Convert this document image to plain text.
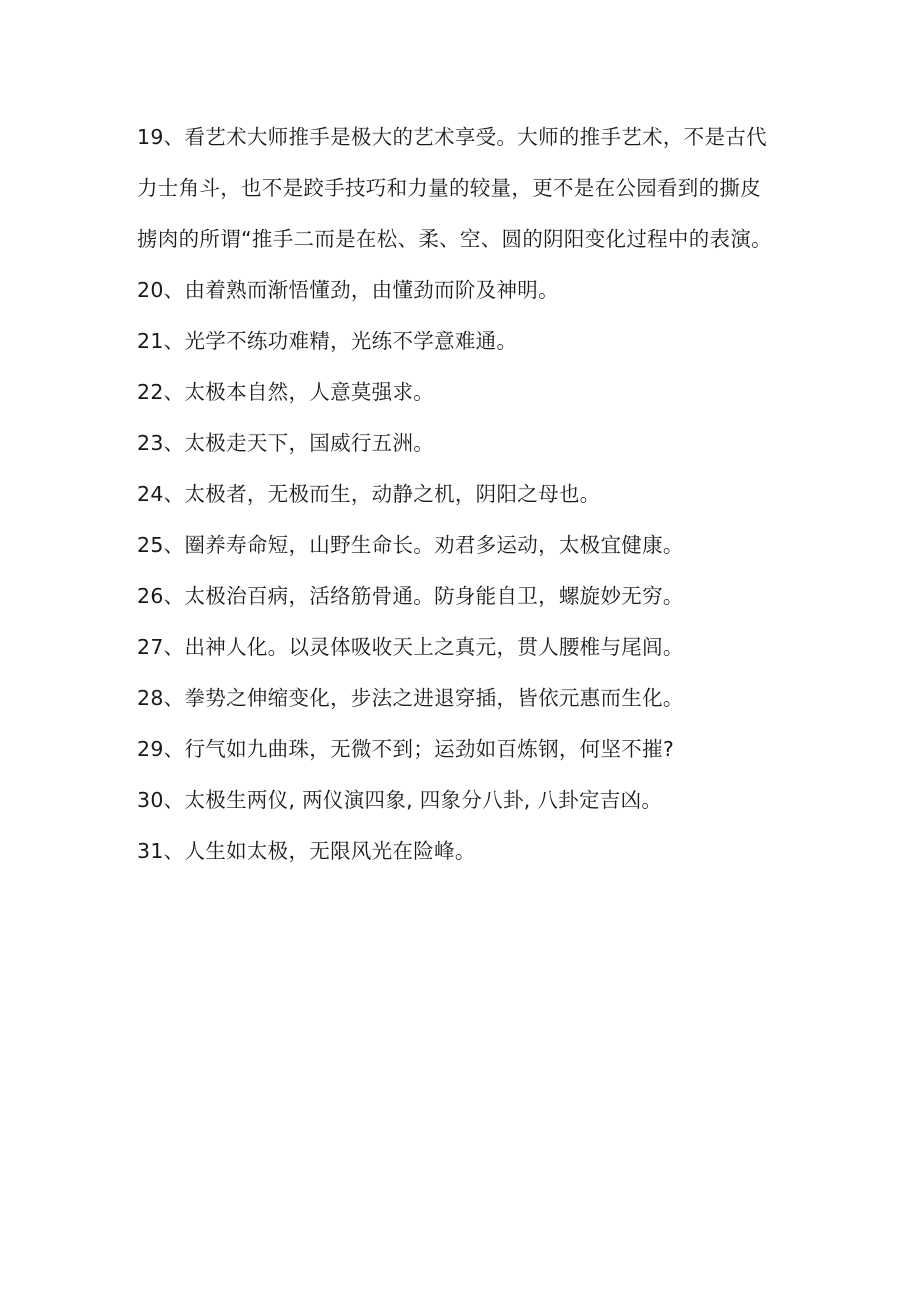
19、看艺术大师推手是极大的艺术享受。大师的推手艺术，不是古代力士角斗，也不是跤手技巧和力量的较量，更不是在公园看到的撕皮掳肉的所谓“推手二而是在松、柔、空、圆的阴阳变化过程中的表演。

20、由着熟而渐悟懂劲，由懂劲而阶及神明。

21、光学不练功难精，光练不学意难通。

22、太极本自然，人意莫强求。

23、太极走天下，国威行五洲。

24、太极者，无极而生，动静之机，阴阳之母也。

25、圈养寿命短，山野生命长。劝君多运动，太极宜健康。

26、太极治百病，活络筋骨通。防身能自卫，螺旋妙无穷。

27、出神人化。以灵体吸收天上之真元，贯人腰椎与尾闾。

28、拳势之伸缩变化，步法之进退穿插，皆依元惠而生化。

29、行气如九曲珠，无微不到；运劲如百炼钢，何坚不摧?

30、太极生两仪, 两仪演四象, 四象分八卦, 八卦定吉凶。

31、人生如太极，无限风光在险峰。
